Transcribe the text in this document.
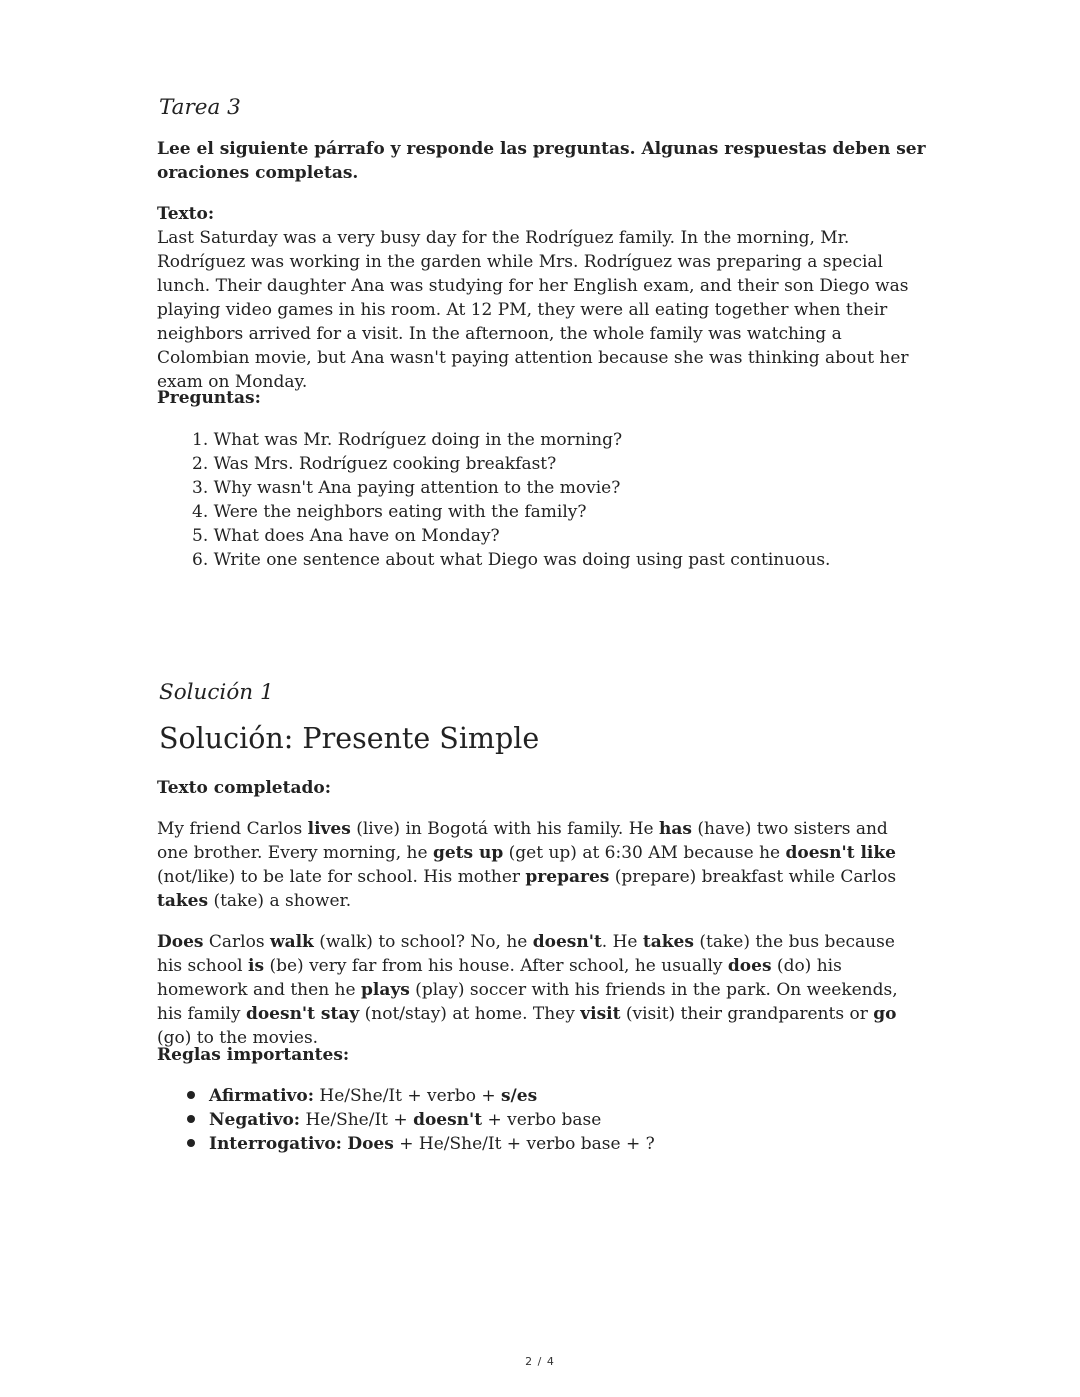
Tarea 3
Lee el siguiente párrafo y responde las preguntas. Algunas respuestas deben ser oraciones completas.
Texto:
Last Saturday was a very busy day for the Rodríguez family. In the morning, Mr. Rodríguez was working in the garden while Mrs. Rodríguez was preparing a special lunch. Their daughter Ana was studying for her English exam, and their son Diego was playing video games in his room. At 12 PM, they were all eating together when their neighbors arrived for a visit. In the afternoon, the whole family was watching a Colombian movie, but Ana wasn't paying attention because she was thinking about her exam on Monday.
Preguntas:
1. What was Mr. Rodríguez doing in the morning?
2. Was Mrs. Rodríguez cooking breakfast?
3. Why wasn't Ana paying attention to the movie?
4. Were the neighbors eating with the family?
5. What does Ana have on Monday?
6. Write one sentence about what Diego was doing using past continuous.
Solución 1
Solución: Presente Simple
Texto completado:
My friend Carlos lives (live) in Bogotá with his family. He has (have) two sisters and one brother. Every morning, he gets up (get up) at 6:30 AM because he doesn't like (not/like) to be late for school. His mother prepares (prepare) breakfast while Carlos takes (take) a shower.
Does Carlos walk (walk) to school? No, he doesn't. He takes (take) the bus because his school is (be) very far from his house. After school, he usually does (do) his homework and then he plays (play) soccer with his friends in the park. On weekends, his family doesn't stay (not/stay) at home. They visit (visit) their grandparents or go (go) to the movies.
Reglas importantes:
Afirmativo: He/She/It + verbo + s/es
Negativo: He/She/It + doesn't + verbo base
Interrogativo: Does + He/She/It + verbo base + ?
2 / 4
